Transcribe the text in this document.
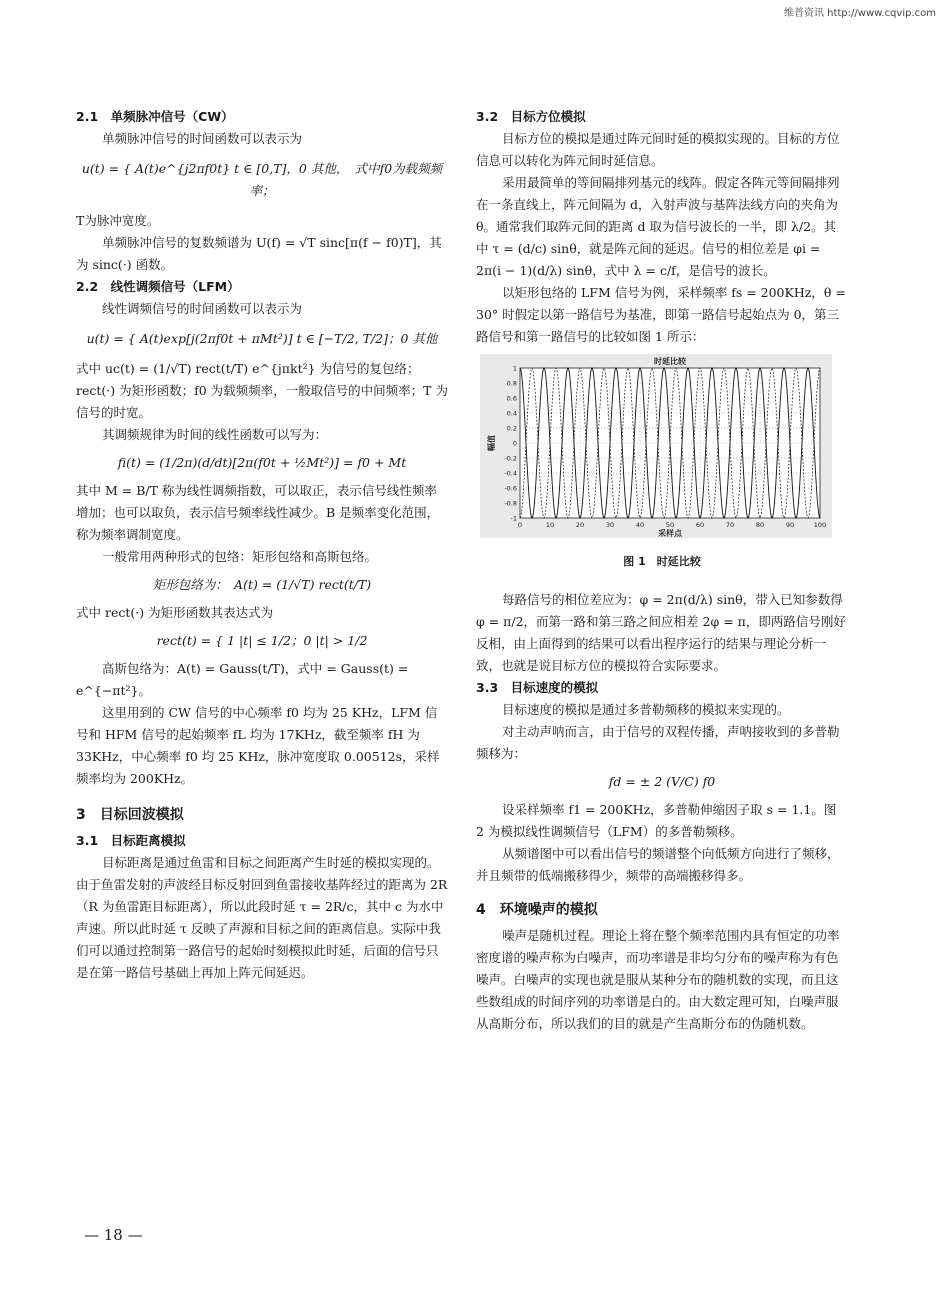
维普资讯 http://www.cqvip.com

2.1　单频脉冲信号（CW）

单频脉冲信号的时间函数可以表示为

u(t) = { A(t)e^{j2πf0t} t ∈ [0,T]，0 其他，　式中f0为载频频率；

T为脉冲宽度。

单频脉冲信号的复数频谱为 U(f) = √T sinc[π(f − f0)T]，其为 sinc(·) 函数。

2.2　线性调频信号（LFM）

线性调频信号的时间函数可以表示为

u(t) = { A(t)exp[j(2πf0t + πMt²)] t ∈ [−T/2, T/2]；0 其他

式中 uc(t) = (1/√T) rect(t/T) e^{jπkt²} 为信号的复包络；rect(·) 为矩形函数；f0 为载频频率，一般取信号的中间频率；T 为信号的时宽。

其调频规律为时间的线性函数可以写为：

fi(t) = (1/2π)(d/dt)[2π(f0t + ½Mt²)] = f0 + Mt

其中 M = B/T 称为线性调频指数，可以取正，表示信号线性频率增加；也可以取负，表示信号频率线性减少。B 是频率变化范围，称为频率调制宽度。

一般常用两种形式的包络：矩形包络和高斯包络。

矩形包络为：　A(t) = (1/√T) rect(t/T)

式中 rect(·) 为矩形函数其表达式为

rect(t) = { 1 |t| ≤ 1/2；0 |t| > 1/2

高斯包络为：A(t) = Gauss(t/T)，式中 = Gauss(t) = e^{−πt²}。

这里用到的 CW 信号的中心频率 f0 均为 25 KHz，LFM 信号和 HFM 信号的起始频率 fL 均为 17KHz，截至频率 fH 为 33KHz，中心频率 f0 均 25 KHz，脉冲宽度取 0.00512s，采样频率均为 200KHz。

3　目标回波模拟

3.1　目标距离模拟

目标距离是通过鱼雷和目标之间距离产生时延的模拟实现的。由于鱼雷发射的声波经目标反射回到鱼雷接收基阵经过的距离为 2R（R 为鱼雷距目标距离），所以此段时延 τ = 2R/c，其中 c 为水中声速。所以此时延 τ 反映了声源和目标之间的距离信息。实际中我们可以通过控制第一路信号的起始时刻模拟此时延，后面的信号只是在第一路信号基础上再加上阵元间延迟。

— 18 —

3.2　目标方位模拟

目标方位的模拟是通过阵元间时延的模拟实现的。目标的方位信息可以转化为阵元间时延信息。

采用最简单的等间隔排列基元的线阵。假定各阵元等间隔排列在一条直线上，阵元间隔为 d，入射声波与基阵法线方向的夹角为 θ。通常我们取阵元间的距离 d 取为信号波长的一半，即 λ/2。其中 τ = (d/c) sinθ，就是阵元间的延迟。信号的相位差是 φi = 2π(i − 1)(d/λ) sinθ，式中 λ = c/f，是信号的波长。

以矩形包络的 LFM 信号为例，采样频率 fs = 200KHz，θ = 30° 时假定以第一路信号为基准，即第一路信号起始点为 0，第三路信号和第一路信号的比较如图 1 所示：

0	10	20	30	40	50	60	70	80	90	100
-1
-0.8
-0.6
-0.4
-0.2
0
0.2
0.4
0.6
0.8
1
时延比较
采样点
幅值

图 1　时延比较

每路信号的相位差应为：φ = 2π(d/λ) sinθ，带入已知参数得 φ = π/2，而第一路和第三路之间应相差 2φ = π，即两路信号刚好反相，由上面得到的结果可以看出程序运行的结果与理论分析一致，也就是说目标方位的模拟符合实际要求。

3.3　目标速度的模拟

目标速度的模拟是通过多普勒频移的模拟来实现的。

对主动声呐而言，由于信号的双程传播，声呐接收到的多普勒频移为：

fd = ± 2 (V/C) f0

设采样频率 f1 = 200KHz，多普勒伸缩因子取 s = 1.1。图 2 为模拟线性调频信号（LFM）的多普勒频移。

从频谱图中可以看出信号的频谱整个向低频方向进行了频移，并且频带的低端搬移得少，频带的高端搬移得多。

4　环境噪声的模拟

噪声是随机过程。理论上将在整个频率范围内具有恒定的功率密度谱的噪声称为白噪声，而功率谱是非均匀分布的噪声称为有色噪声。白噪声的实现也就是服从某种分布的随机数的实现，而且这些数组成的时间序列的功率谱是白的。由大数定理可知，白噪声服从高斯分布，所以我们的目的就是产生高斯分布的伪随机数。
